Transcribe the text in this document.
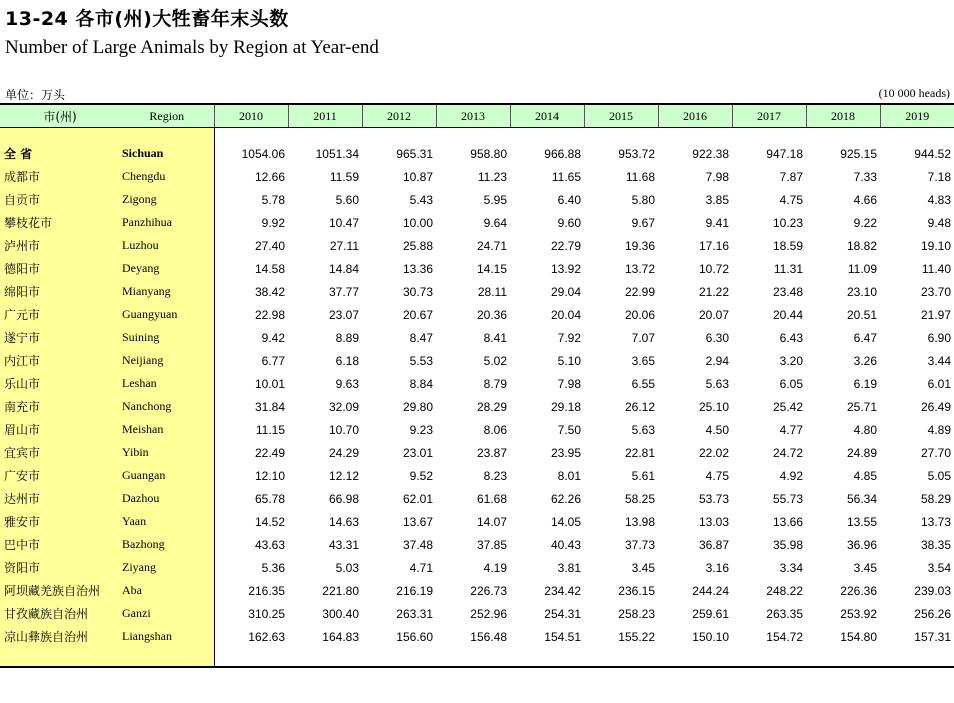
13-24 各市(州)大牲畜年末头数
Number of Large Animals by Region at Year-end
单位：万头	(10 000 heads)
市(州)	Region	2010	2011	2012	2013	2014	2015	2016	2017	2018	2019

全 省	Sichuan	1054.06	1051.34	965.31	958.80	966.88	953.72	922.38	947.18	925.15	944.52
成都市	Chengdu	12.66	11.59	10.87	11.23	11.65	11.68	7.98	7.87	7.33	7.18
自贡市	Zigong	5.78	5.60	5.43	5.95	6.40	5.80	3.85	4.75	4.66	4.83
攀枝花市	Panzhihua	9.92	10.47	10.00	9.64	9.60	9.67	9.41	10.23	9.22	9.48
泸州市	Luzhou	27.40	27.11	25.88	24.71	22.79	19.36	17.16	18.59	18.82	19.10
德阳市	Deyang	14.58	14.84	13.36	14.15	13.92	13.72	10.72	11.31	11.09	11.40
绵阳市	Mianyang	38.42	37.77	30.73	28.11	29.04	22.99	21.22	23.48	23.10	23.70
广元市	Guangyuan	22.98	23.07	20.67	20.36	20.04	20.06	20.07	20.44	20.51	21.97
遂宁市	Suining	9.42	8.89	8.47	8.41	7.92	7.07	6.30	6.43	6.47	6.90
内江市	Neijiang	6.77	6.18	5.53	5.02	5.10	3.65	2.94	3.20	3.26	3.44
乐山市	Leshan	10.01	9.63	8.84	8.79	7.98	6.55	5.63	6.05	6.19	6.01
南充市	Nanchong	31.84	32.09	29.80	28.29	29.18	26.12	25.10	25.42	25.71	26.49
眉山市	Meishan	11.15	10.70	9.23	8.06	7.50	5.63	4.50	4.77	4.80	4.89
宜宾市	Yibin	22.49	24.29	23.01	23.87	23.95	22.81	22.02	24.72	24.89	27.70
广安市	Guangan	12.10	12.12	9.52	8.23	8.01	5.61	4.75	4.92	4.85	5.05
达州市	Dazhou	65.78	66.98	62.01	61.68	62.26	58.25	53.73	55.73	56.34	58.29
雅安市	Yaan	14.52	14.63	13.67	14.07	14.05	13.98	13.03	13.66	13.55	13.73
巴中市	Bazhong	43.63	43.31	37.48	37.85	40.43	37.73	36.87	35.98	36.96	38.35
资阳市	Ziyang	5.36	5.03	4.71	4.19	3.81	3.45	3.16	3.34	3.45	3.54
阿坝藏羌族自治州	Aba	216.35	221.80	216.19	226.73	234.42	236.15	244.24	248.22	226.36	239.03
甘孜藏族自治州	Ganzi	310.25	300.40	263.31	252.96	254.31	258.23	259.61	263.35	253.92	256.26
凉山彝族自治州	Liangshan	162.63	164.83	156.60	156.48	154.51	155.22	150.10	154.72	154.80	157.31
